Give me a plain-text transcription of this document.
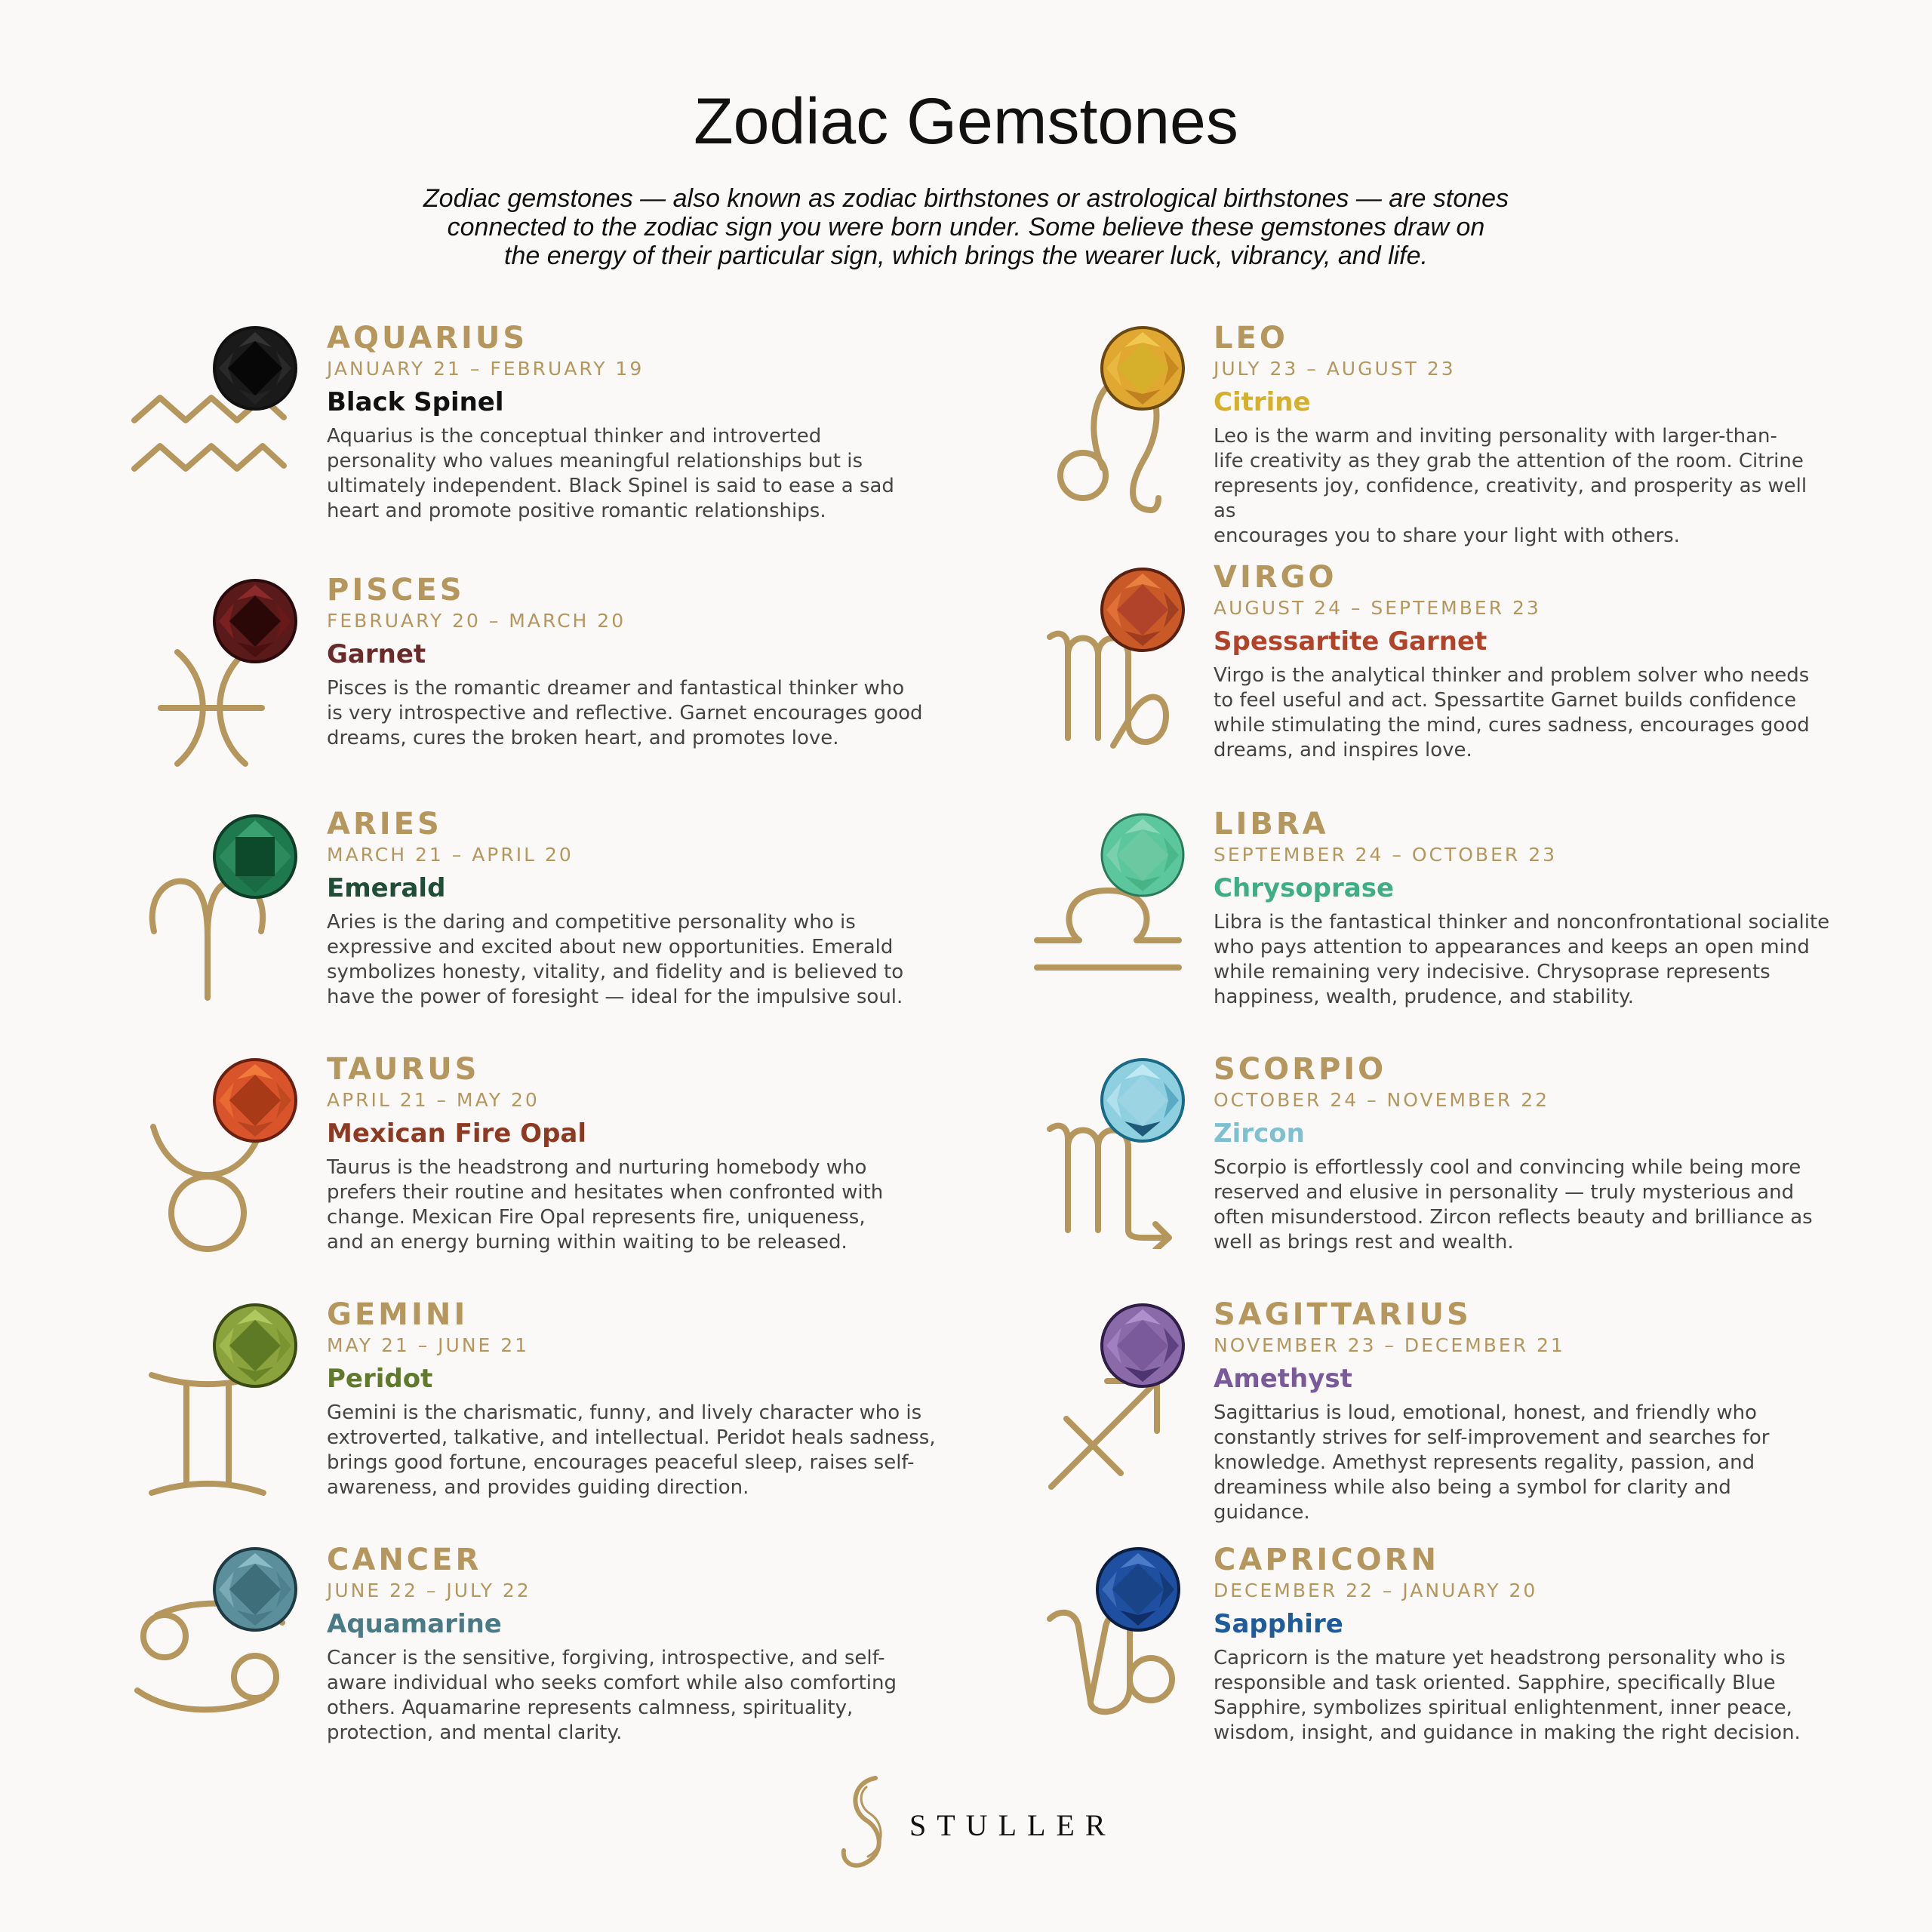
Zodiac Gemstones
Zodiac gemstones — also known as zodiac birthstones or astrological birthstones — are stones
connected to the zodiac sign you were born under. Some believe these gemstones draw on
the energy of their particular sign, which brings the wearer luck, vibrancy, and life.
AQUARIUS
JANUARY 21 – FEBRUARY 19
Black Spinel
Aquarius is the conceptual thinker and introverted
personality who values meaningful relationships but is
ultimately independent. Black Spinel is said to ease a sad
heart and promote positive romantic relationships.
PISCES
FEBRUARY 20 – MARCH 20
Garnet
Pisces is the romantic dreamer and fantastical thinker who
is very introspective and reflective. Garnet encourages good
dreams, cures the broken heart, and promotes love.
ARIES
MARCH 21 – APRIL 20
Emerald
Aries is the daring and competitive personality who is
expressive and excited about new opportunities. Emerald
symbolizes honesty, vitality, and fidelity and is believed to
have the power of foresight — ideal for the impulsive soul.
TAURUS
APRIL 21 – MAY 20
Mexican Fire Opal
Taurus is the headstrong and nurturing homebody who
prefers their routine and hesitates when confronted with
change. Mexican Fire Opal represents fire, uniqueness,
and an energy burning within waiting to be released.
GEMINI
MAY 21 – JUNE 21
Peridot
Gemini is the charismatic, funny, and lively character who is
extroverted, talkative, and intellectual. Peridot heals sadness,
brings good fortune, encourages peaceful sleep, raises self-
awareness, and provides guiding direction.
CANCER
JUNE 22 – JULY 22
Aquamarine
Cancer is the sensitive, forgiving, introspective, and self-
aware individual who seeks comfort while also comforting
others. Aquamarine represents calmness, spirituality,
protection, and mental clarity.
LEO
JULY 23 – AUGUST 23
Citrine
Leo is the warm and inviting personality with larger-than-
life creativity as they grab the attention of the room. Citrine
represents joy, confidence, creativity, and prosperity as well as
encourages you to share your light with others.
VIRGO
AUGUST 24 – SEPTEMBER 23
Spessartite Garnet
Virgo is the analytical thinker and problem solver who needs
to feel useful and act. Spessartite Garnet builds confidence
while stimulating the mind, cures sadness, encourages good
dreams, and inspires love.
LIBRA
SEPTEMBER 24 – OCTOBER 23
Chrysoprase
Libra is the fantastical thinker and nonconfrontational socialite
who pays attention to appearances and keeps an open mind
while remaining very indecisive. Chrysoprase represents
happiness, wealth, prudence, and stability.
SCORPIO
OCTOBER 24 – NOVEMBER 22
Zircon
Scorpio is effortlessly cool and convincing while being more
reserved and elusive in personality — truly mysterious and
often misunderstood. Zircon reflects beauty and brilliance as
well as brings rest and wealth.
SAGITTARIUS
NOVEMBER 23 – DECEMBER 21
Amethyst
Sagittarius is loud, emotional, honest, and friendly who
constantly strives for self-improvement and searches for
knowledge. Amethyst represents regality, passion, and
dreaminess while also being a symbol for clarity and guidance.
CAPRICORN
DECEMBER 22 – JANUARY 20
Sapphire
Capricorn is the mature yet headstrong personality who is
responsible and task oriented. Sapphire, specifically Blue
Sapphire, symbolizes spiritual enlightenment, inner peace,
wisdom, insight, and guidance in making the right decision.
STULLER
